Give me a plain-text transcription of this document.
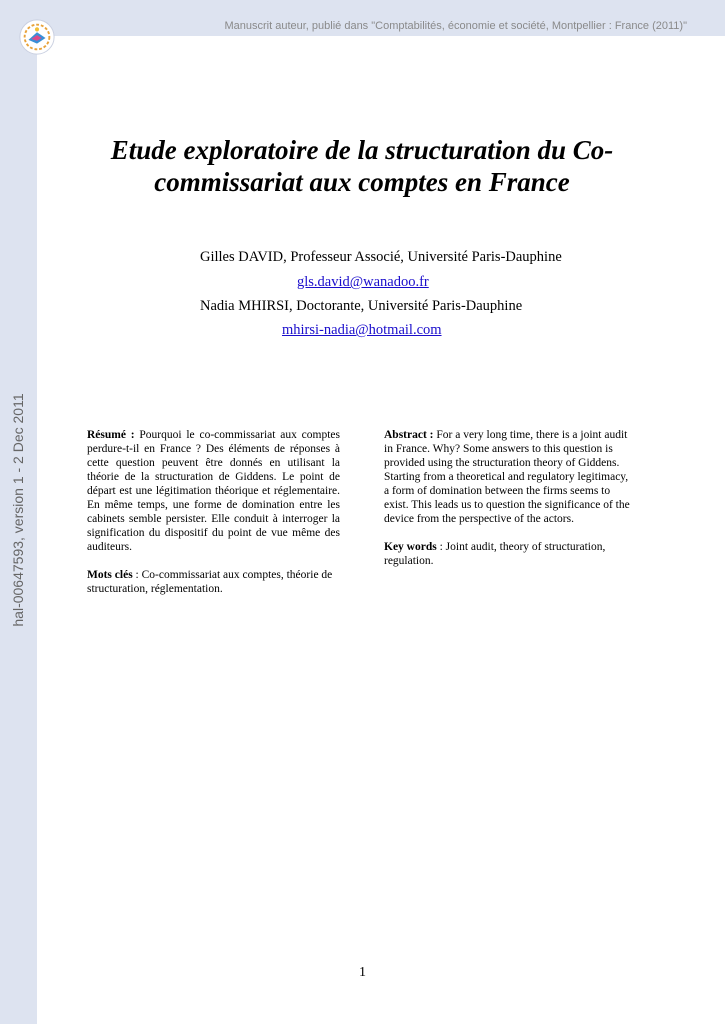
Manuscrit auteur, publié dans "Comptabilités, économie et société, Montpellier : France (2011)"
hal-00647593, version 1 - 2 Dec 2011
Etude exploratoire de la structuration du Co-
commissariat aux comptes en France
Gilles DAVID, Professeur Associé, Université Paris-Dauphine
gls.david@wanadoo.fr
Nadia MHIRSI, Doctorante, Université Paris-Dauphine
mhirsi-nadia@hotmail.com

Résumé : Pourquoi le co-commissariat aux comptes perdure-t-il en France ? Des éléments de réponses à cette question peuvent être donnés en utilisant la théorie de la structuration de Giddens. Le point de départ est une légitimation théorique et réglementaire. En même temps, une forme de domination entre les cabinets semble persister. Elle conduit à interroger la signification du dispositif du point de vue même des auditeurs.

Mots clés : Co-commissariat aux comptes, théorie de structuration, réglementation.

Abstract : For a very long time, there is a joint audit in France. Why? Some answers to this question is provided using the structuration theory of Giddens. Starting from a theoretical and regulatory legitimacy, a form of domination between the firms seems to exist. This leads us to question the significance of the device from the perspective of the actors.

Key words : Joint audit, theory of structuration, regulation.

1
